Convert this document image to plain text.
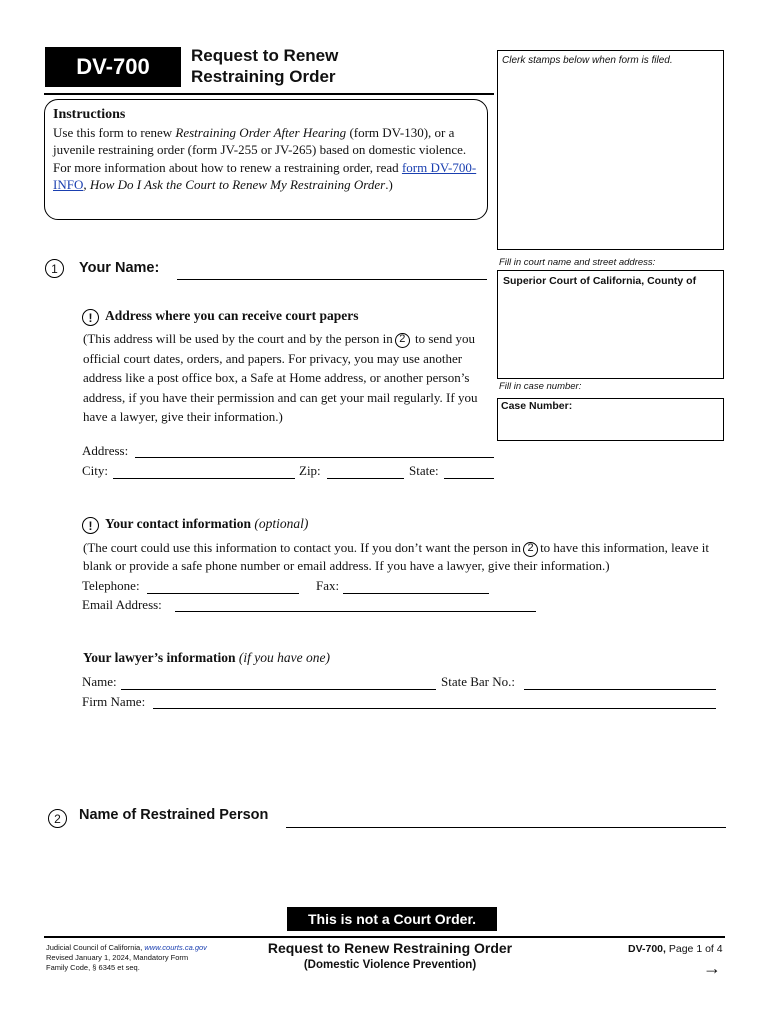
DV-700	Request to Renew
Restraining Order
Clerk stamps below when form is filed.
Instructions
Use this form to renew Restraining Order After Hearing (form DV-130), or a juvenile restraining order (form JV-255 or JV-265) based on domestic violence. For more information about how to renew a restraining order, read form DV-700-INFO, How Do I Ask the Court to Renew My Restraining Order.)
Fill in court name and street address:
Superior Court of California, County of
Fill in case number:
Case Number:
1	Your Name:
! Address where you can receive court papers
(This address will be used by the court and by the person in 2 to send you official court dates, orders, and papers. For privacy, you may use another address like a post office box, a Safe at Home address, or another person’s address, if you have their permission and can get your mail regularly. If you have a lawyer, give their information.)
Address:
City:	Zip:	State:
! Your contact information (optional)
(The court could use this information to contact you. If you don’t want the person in 2 to have this information, leave it blank or provide a safe phone number or email address. If you have a lawyer, give their information.)
Telephone:	Fax:
Email Address:
Your lawyer’s information (if you have one)
Name:	State Bar No.:
Firm Name:
2	Name of Restrained Person
This is not a Court Order.
Judicial Council of California, www.courts.ca.gov
Revised January 1, 2024, Mandatory Form
Family Code, § 6345 et seq.
Request to Renew Restraining Order
(Domestic Violence Prevention)
DV-700, Page 1 of 4
→
